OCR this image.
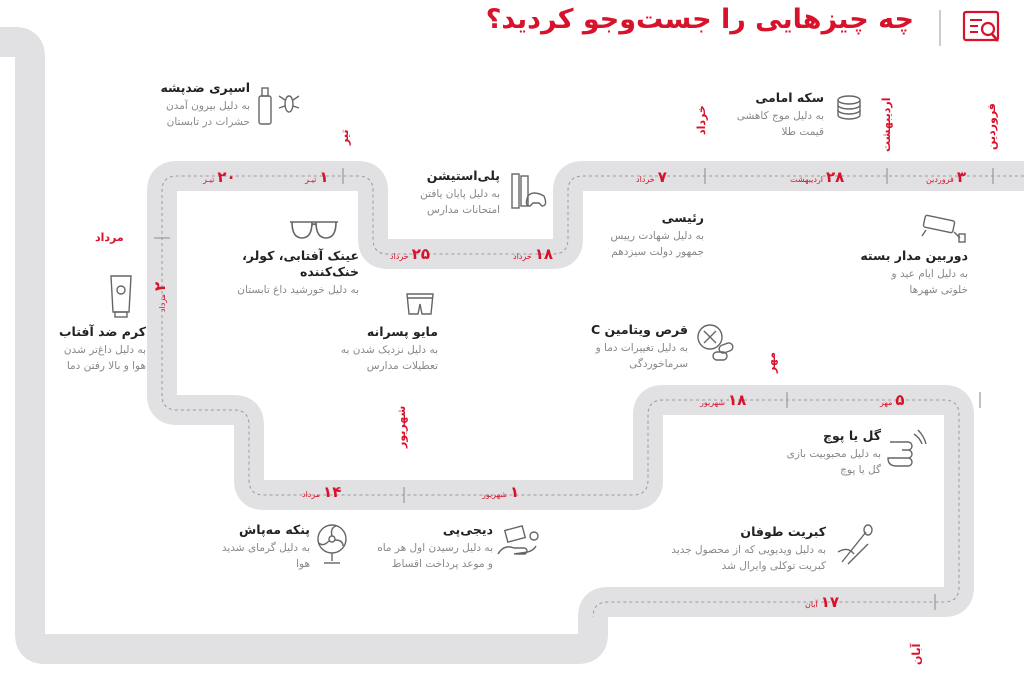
چه چیزهایی را جست‌وجو کردید؟
فروردین
اردیبهشت
خرداد
تیر
مرداد
شهریور
مهر
آبان
۳فروردین
۲۸اردیبهشت
۷خرداد
۱۸خرداد
۲۵خرداد
۱تیـر
۲۰تیـر
۲مرداد
۱۴مرداد	۱شهریور
۱۸شهریور	۵مهر
۱۷آبان
سکه امامی
به دلیل موج کاهشی
قیمت طلا
دوربین مدار بسته
به دلیل ایام عید و
خلوتی شهرها
پلی‌استیشن
به دلیل پایان یافتن
امتحانات مدارس	رئیسی
به دلیل شهادت رییس
جمهور دولت سیزدهم
اسپری ضدپشه
به دلیل بیرون آمدن
حشرات در تابستان
عینک آفتابی، کولر،
خنک‌کننده
به دلیل خورشید داغ تابستان
مایو پسرانه
به دلیل نزدیک شدن به
تعطیلات مدارس
کرم ضد آفتاب
به دلیل داغ‌تر شدن
هوا و بالا رفتن دما
قرص ویتامین C
به دلیل تغییرات دما و
سرماخوردگی
گل یا پوچ
به دلیل محبوبیت بازی
گل یا پوچ
دیجی‌پی
به دلیل رسیدن اول هر ماه
و موعد پرداخت اقساط
پنکه مه‌پاش
به دلیل گرمای شدید
هوا
کبریت طوفان
به دلیل ویدیویی که از محصول جدید
کبریت توکلی وایرال شد
